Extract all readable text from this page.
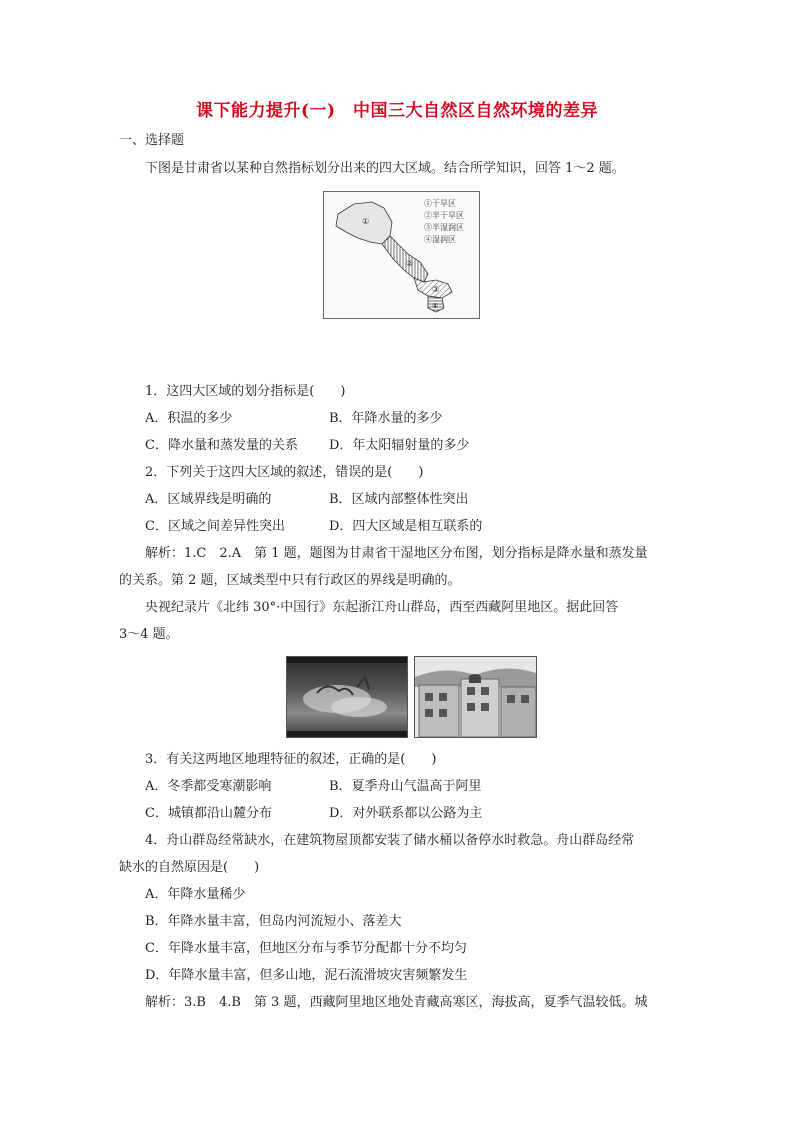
课下能力提升(一)　中国三大自然区自然环境的差异
一、选择题
下图是甘肃省以某种自然指标划分出来的四大区域。结合所学知识，回答 1～2 题。
①
②
③
④
①干旱区
②半干旱区
③半湿润区
④湿润区
1．这四大区域的划分指标是(　　)
A．积温的多少	B．年降水量的多少
C．降水量和蒸发量的关系 D．年太阳辐射量的多少
2．下列关于这四大区域的叙述，错误的是(　　)
A．区域界线是明确的	B．区域内部整体性突出
C．区域之间差异性突出	D．四大区域是相互联系的
解析：1.C　2.A　第 1 题，题图为甘肃省干湿地区分布图，划分指标是降水量和蒸发量
的关系。第 2 题，区域类型中只有行政区的界线是明确的。
央视纪录片《北纬 30°·中国行》东起浙江舟山群岛，西至西藏阿里地区。据此回答
3～4 题。
3．有关这两地区地理特征的叙述，正确的是(　　)
A．冬季都受寒潮影响	B．夏季舟山气温高于阿里
C．城镇都沿山麓分布	D．对外联系都以公路为主
4．舟山群岛经常缺水，在建筑物屋顶都安装了储水桶以备停水时救急。舟山群岛经常
缺水的自然原因是(　　)
A．年降水量稀少
B．年降水量丰富，但岛内河流短小、落差大
C．年降水量丰富，但地区分布与季节分配都十分不均匀
D．年降水量丰富，但多山地，泥石流滑坡灾害频繁发生
解析：3.B　4.B　第 3 题，西藏阿里地区地处青藏高寒区，海拔高，夏季气温较低。城
